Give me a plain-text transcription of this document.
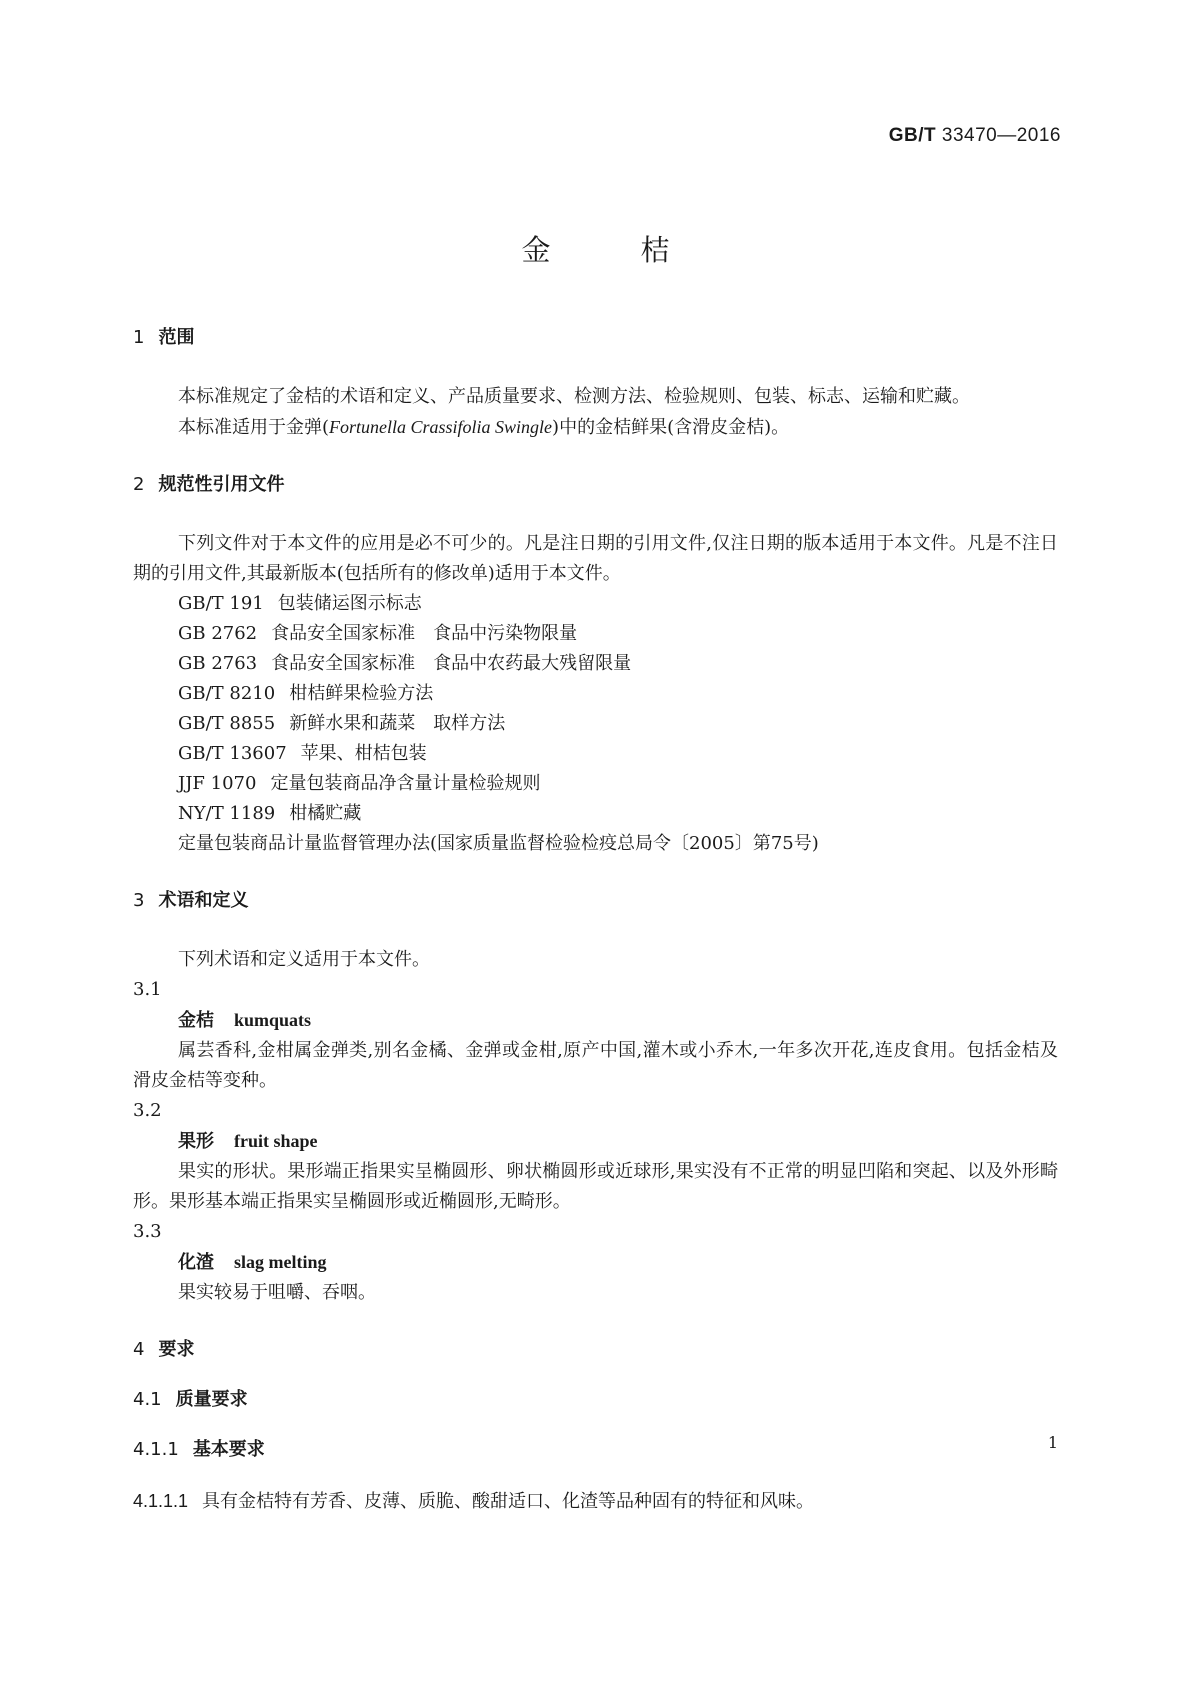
GB/T 33470—2016
金桔
1 范围

本标准规定了金桔的术语和定义、产品质量要求、检测方法、检验规则、包装、标志、运输和贮藏。

本标准适用于金弹(Fortunella Crassifolia Swingle)中的金桔鲜果(含滑皮金桔)。

2 规范性引用文件

下列文件对于本文件的应用是必不可少的。凡是注日期的引用文件,仅注日期的版本适用于本文件。凡是不注日期的引用文件,其最新版本(包括所有的修改单)适用于本文件。

GB/T 191 包装储运图示标志
GB 2762 食品安全国家标准　食品中污染物限量
GB 2763 食品安全国家标准　食品中农药最大残留限量
GB/T 8210 柑桔鲜果检验方法
GB/T 8855 新鲜水果和蔬菜　取样方法
GB/T 13607 苹果、柑桔包装
JJF 1070 定量包装商品净含量计量检验规则
NY/T 1189 柑橘贮藏
定量包装商品计量监督管理办法(国家质量监督检验检疫总局令〔2005〕第75号)
3 术语和定义

下列术语和定义适用于本文件。

3.1

金桔 kumquats

属芸香科,金柑属金弹类,别名金橘、金弹或金柑,原产中国,灌木或小乔木,一年多次开花,连皮食用。包括金桔及滑皮金桔等变种。

3.2

果形 fruit shape

果实的形状。果形端正指果实呈椭圆形、卵状椭圆形或近球形,果实没有不正常的明显凹陷和突起、以及外形畸形。果形基本端正指果实呈椭圆形或近椭圆形,无畸形。

3.3

化渣 slag melting

果实较易于咀嚼、吞咽。

4 要求
4.1 质量要求
4.1.1 基本要求

4.1.1.1 具有金桔特有芳香、皮薄、质脆、酸甜适口、化渣等品种固有的特征和风味。

1
